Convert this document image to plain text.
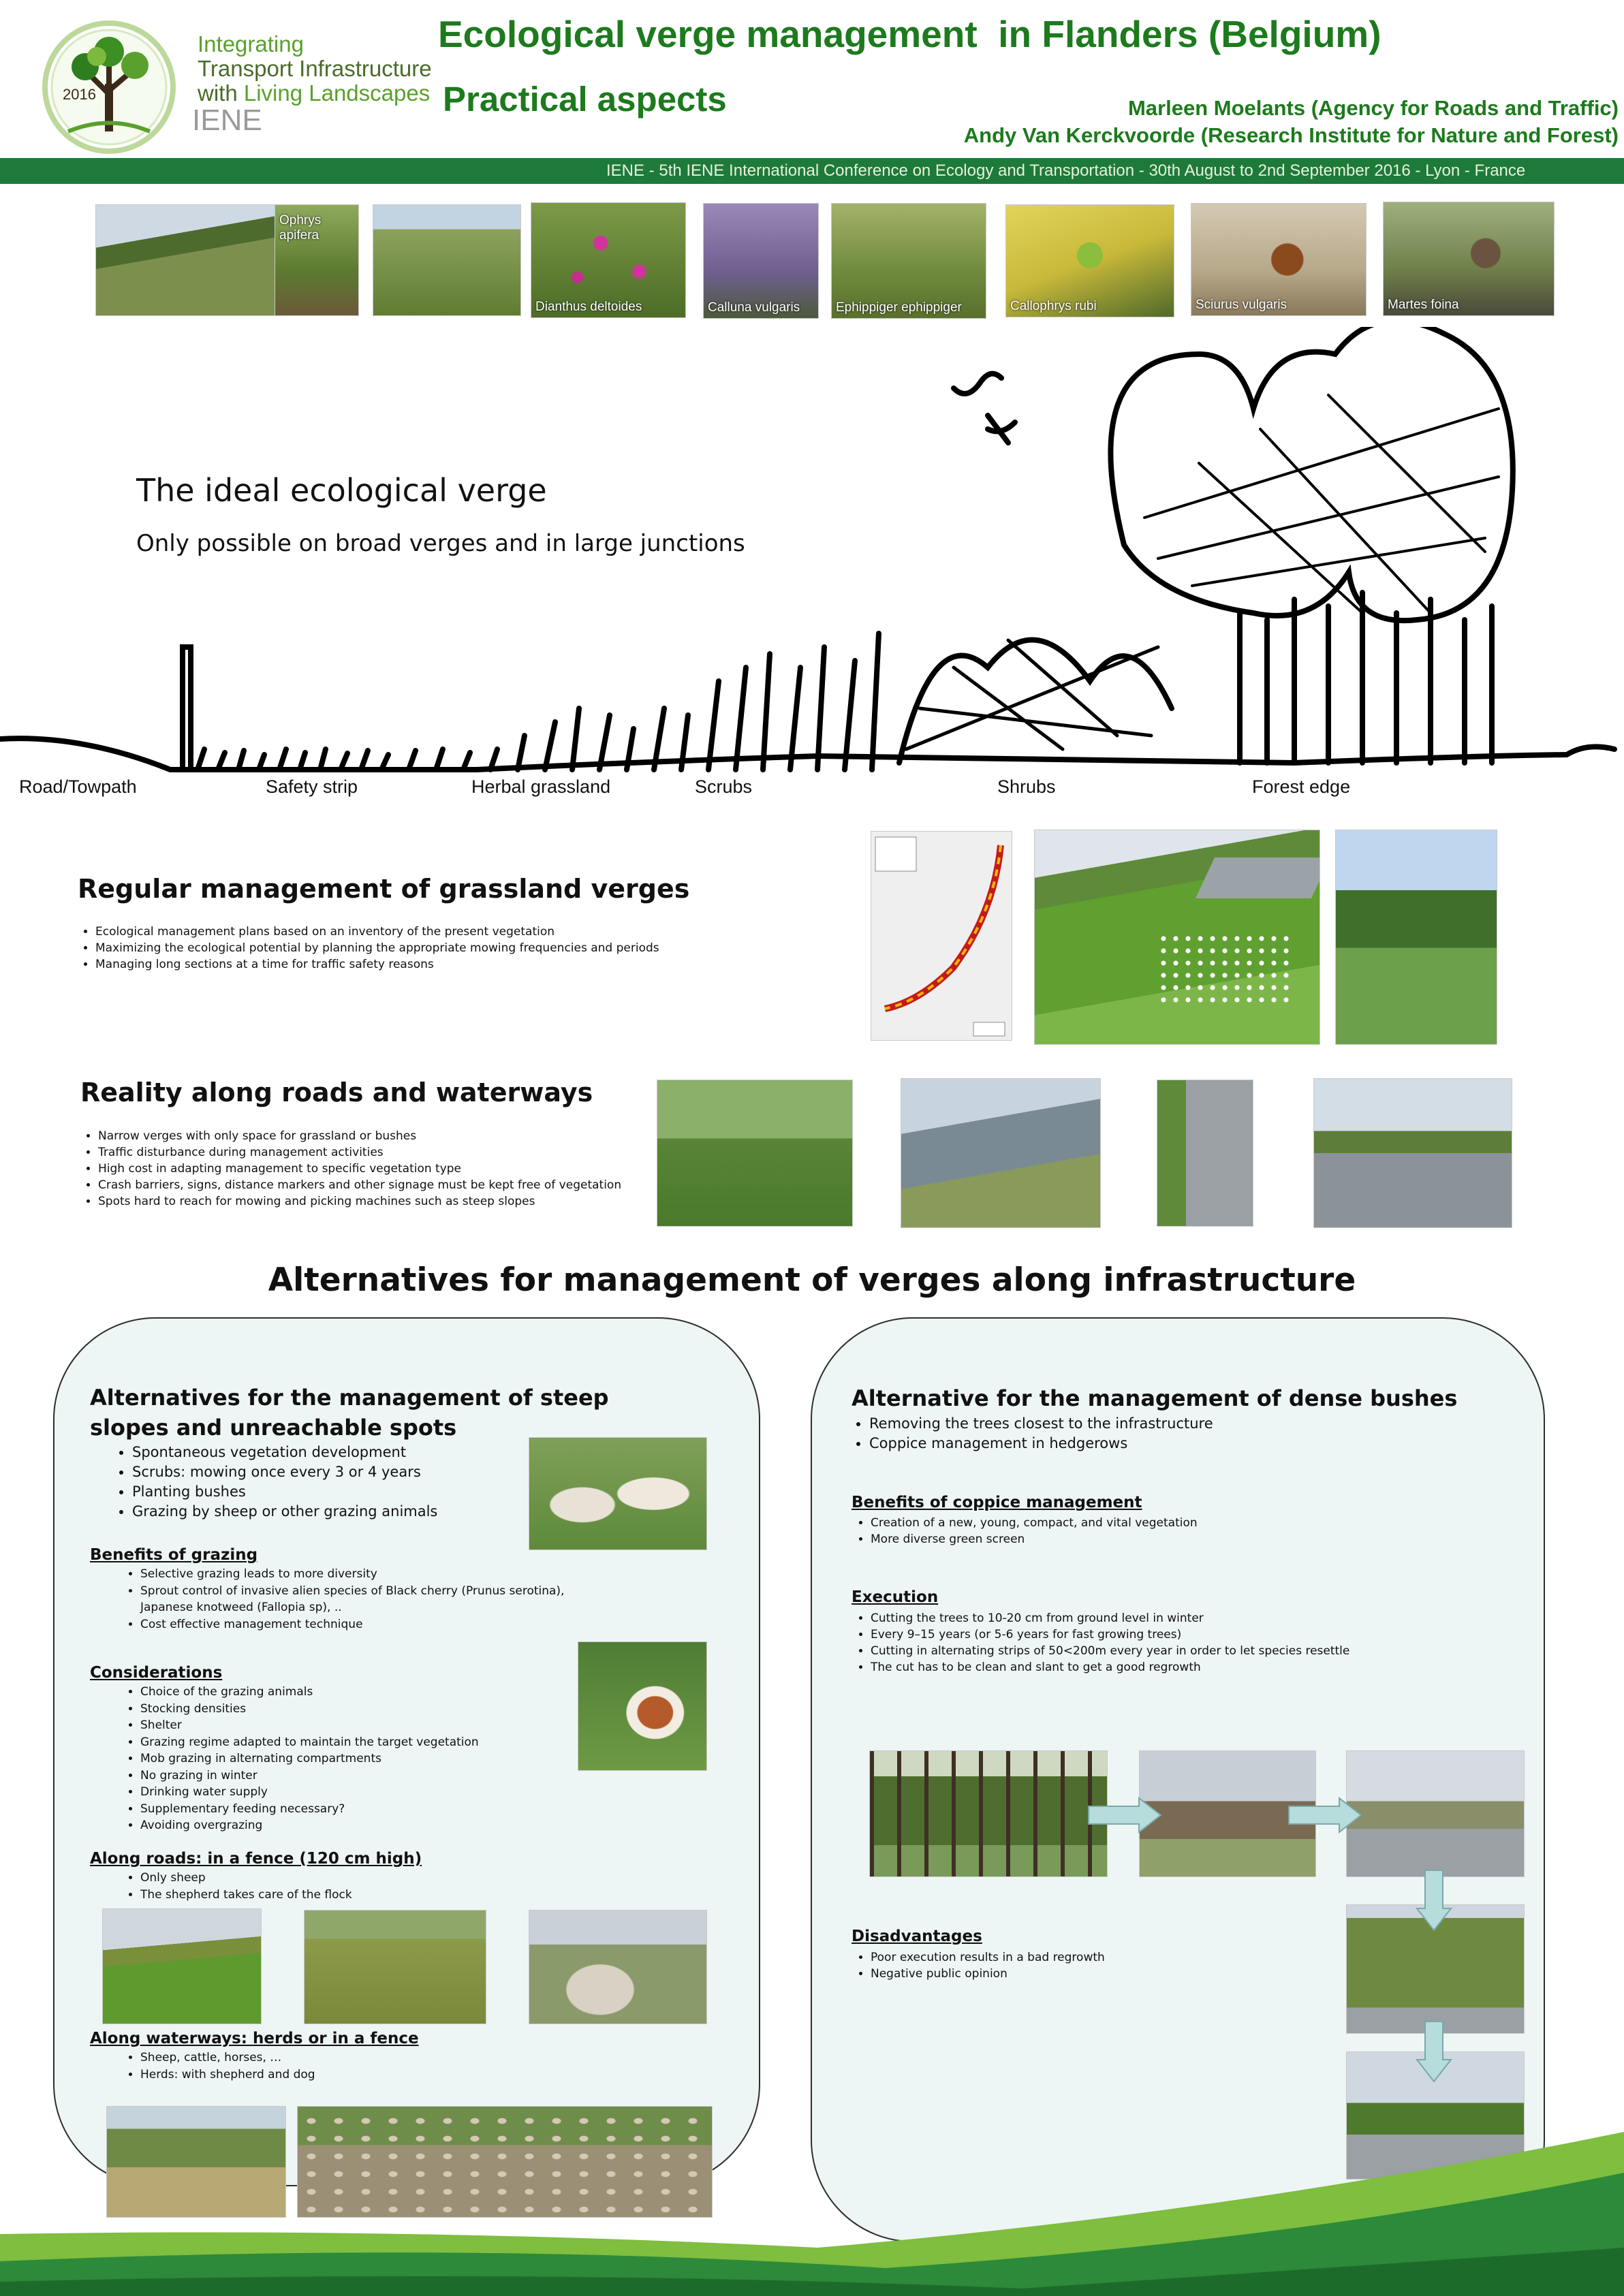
2016
Integrating
Transport Infrastructure
with Living Landscapes
IENE
Ecological verge management  in Flanders (Belgium)
Practical aspects	Marleen Moelants (Agency for Roads and Traffic)
Andy Van Kerckvoorde (Research Institute for Nature and Forest)
IENE - 5th IENE International Conference on Ecology and Transportation - 30th August to 2nd September 2016 - Lyon - France
Ophrys apifera
Dianthus deltoides	Calluna vulgaris	Ephippiger ephippiger	Callophrys rubi	Sciurus vulgaris	Martes foina
The ideal ecological verge
Only possible on broad verges and in large junctions
Road/Towpath	Safety strip	Herbal grassland	Scrubs	Shrubs	Forest edge
Regular management of grassland verges
• Ecological management plans based on an inventory of the present vegetation
• Maximizing the ecological potential by planning the appropriate mowing frequencies and periods
• Managing long sections at a time for traffic safety reasons
Reality along roads and waterways
• Narrow verges with only space for grassland or bushes
• Traffic disturbance during management activities
• High cost in adapting management to specific vegetation type
• Crash barriers, signs, distance markers and other signage must be kept free of vegetation
• Spots hard to reach for mowing and picking machines such as steep slopes
Alternatives for management of verges along infrastructure
Alternatives for the management of steep slopes and unreachable spots
• Spontaneous vegetation development
• Scrubs: mowing once every 3 or 4 years
• Planting bushes
• Grazing by sheep or other grazing animals
Benefits of grazing
• Selective grazing leads to more diversity
• Sprout control of invasive alien species of Black cherry (Prunus serotina), Japanese knotweed (Fallopia sp), ..
• Cost effective management technique
Considerations
• Choice of the grazing animals
• Stocking densities
• Shelter
• Grazing regime adapted to maintain the target vegetation
• Mob grazing in alternating compartments
• No grazing in winter
• Drinking water supply
• Supplementary feeding necessary?
• Avoiding overgrazing
Along roads: in a fence (120 cm high)
• Only sheep
• The shepherd takes care of the flock
Along waterways: herds or in a fence
• Sheep, cattle, horses, …
• Herds: with shepherd and dog
Alternative for the management of dense bushes
• Removing the trees closest to the infrastructure
• Coppice management in hedgerows
Benefits of coppice management
• Creation of a new, young, compact, and vital vegetation
• More diverse green screen
Execution
• Cutting the trees to 10-20 cm from ground level in winter
• Every 9–15 years (or 5-6 years for fast growing trees)
• Cutting in alternating strips of 50<200m every year in order to let species resettle
• The cut has to be clean and slant to get a good regrowth
Disadvantages
• Poor execution results in a bad regrowth
• Negative public opinion
